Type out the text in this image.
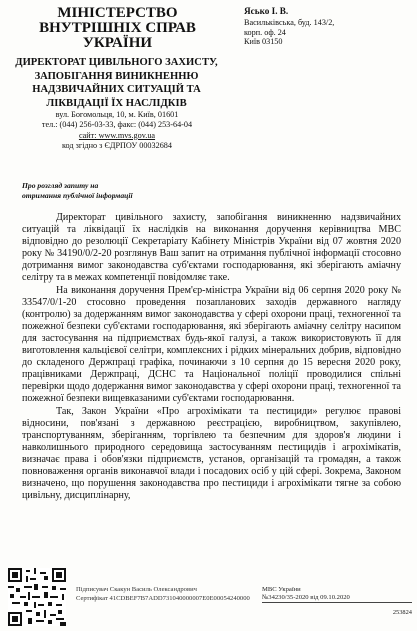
МІНІСТЕРСТВО
ВНУТРІШНІХ СПРАВ
УКРАЇНИ
ДИРЕКТОРАТ ЦИВІЛЬНОГО ЗАХИСТУ,
ЗАПОБІГАННЯ ВИНИКНЕННЮ
НАДЗВИЧАЙНИХ СИТУАЦІЙ ТА
ЛІКВІДАЦІЇ ЇХ НАСЛІДКІВ
вул. Богомольця, 10, м. Київ, 01601
тел.: (044) 256-03-33, факс: (044) 253-64-04
сайт: www.mvs.gov.ua
код згідно з ЄДРПОУ 00032684
Ясько І. В.
Васильківська, буд. 143/2,
корп. оф. 24
Київ 03150
Про розгляд запиту на
отримання публічної інформації

Директорат цивільного захисту, запобігання виникненню надзвичайних ситуацій та ліквідації їх наслідків на виконання доручення керівництва МВС відповідно до резолюції Секретаріату Кабінету Міністрів України від 07 жовтня 2020 року № 34190/0/2-20 розглянув Ваш запит на отримання публічної інформації стосовно дотримання вимог законодавства суб'єктами господарювання, які зберігають аміачну селітру та в межах компетенції повідомляє таке.

На виконання доручення Прем'єр-міністра України від 06 серпня 2020 року № 33547/0/1-20 стосовно проведення позапланових заходів державного нагляду (контролю) за додержанням вимог законодавства у сфері охорони праці, техногенної та пожежної безпеки суб'єктами господарювання, які зберігають аміачну селітру насипом для застосування на підприємствах будь-якої галузі, а також використовують її для виготовлення кальцієвої селітри, комплексних і рідких мінеральних добрив, відповідно до складеного Держпраці графіка, починаючи з 10 серпня до 15 вересня 2020 року, працівниками Держпраці, ДСНС та Національної поліції проводилися спільні перевірки щодо додержання вимог законодавства у сфері охорони праці, техногенної та пожежної безпеки вищевказаними суб'єктами господарювання.

Так, Закон України «Про агрохімікати та пестициди» регулює правові відносини, пов'язані з державною реєстрацією, виробництвом, закупівлею, транспортуванням, зберіганням, торгівлею та безпечним для здоров'я людини і навколишнього природного середовища застосуванням пестицидів і агрохімікатів, визначає права і обов'язки підприємств, установ, організацій та громадян, а також повноваження органів виконавчої влади і посадових осіб у цій сфері. Зокрема, Законом визначено, що порушення законодавства про пестициди і агрохімікати тягне за собою цивільну, дисциплінарну,

Підписувач Скакун Василь Олександрович
Сертифікат 41CDBEF7B7ADD731040000007E0E00054240000
МВС України
№34230/35-2020 від 09.10.2020
253824
